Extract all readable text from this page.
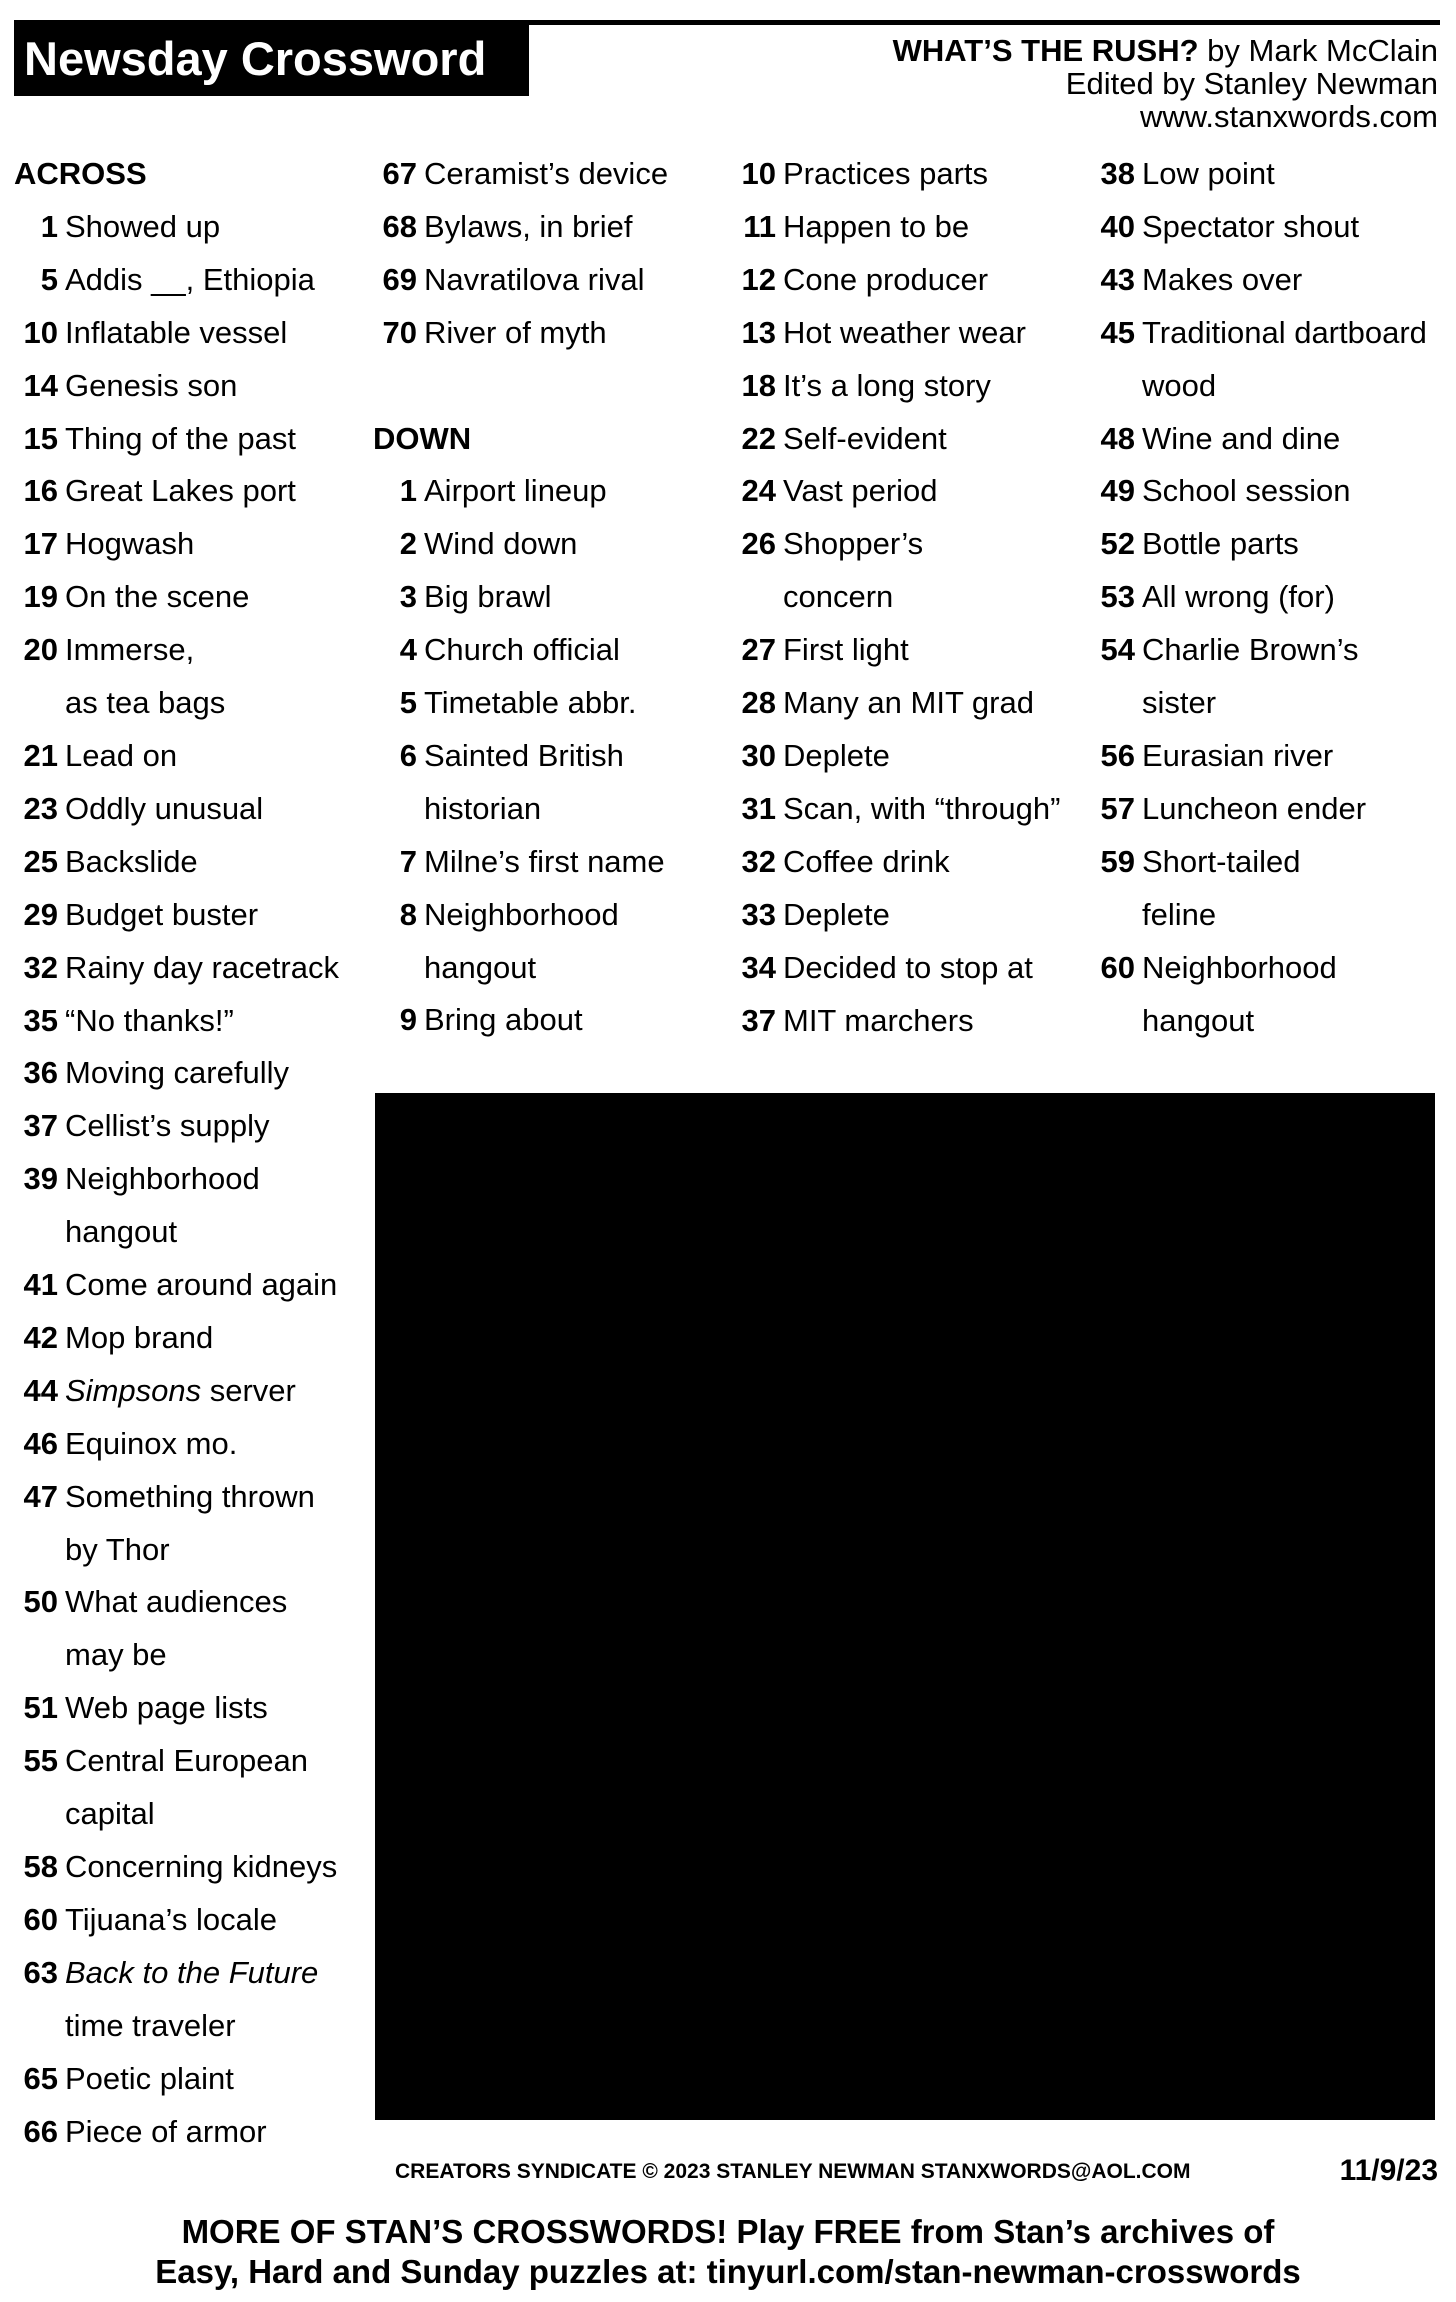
Newsday Crossword	WHAT’S THE RUSH? by Mark McClain
Edited by Stanley Newman
www.stanxwords.com
ACROSS
1 Showed up
5 Addis __, Ethiopia
10 Inflatable vessel
14 Genesis son
15 Thing of the past
16 Great Lakes port
17 Hogwash
19 On the scene
20 Immerse,
as tea bags
21 Lead on
23 Oddly unusual
25 Backslide
29 Budget buster
32 Rainy day racetrack
35 “No thanks!”
36 Moving carefully
37 Cellist’s supply
39 Neighborhood
hangout
41 Come around again
42 Mop brand
44 Simpsons server
46 Equinox mo.
47 Something thrown
by Thor
50 What audiences
may be
51 Web page lists
55 Central European
capital
58 Concerning kidneys
60 Tijuana’s locale
63 Back to the Future
time traveler
65 Poetic plaint
66 Piece of armor
67 Ceramist’s device
68 Bylaws, in brief
69 Navratilova rival
70 River of myth
DOWN
1 Airport lineup
2 Wind down
3 Big brawl
4 Church official
5 Timetable abbr.
6 Sainted British
historian
7 Milne’s first name
8 Neighborhood
hangout
9 Bring about
10 Practices parts
11 Happen to be
12 Cone producer
13 Hot weather wear
18 It’s a long story
22 Self-evident
24 Vast period
26 Shopper’s
concern
27 First light
28 Many an MIT grad
30 Deplete
31 Scan, with “through”
32 Coffee drink
33 Deplete
34 Decided to stop at
37 MIT marchers
38 Low point
40 Spectator shout
43 Makes over
45 Traditional dartboard
wood
48 Wine and dine
49 School session
52 Bottle parts
53 All wrong (for)
54 Charlie Brown’s
sister
56 Eurasian river
57 Luncheon ender
59 Short-tailed
feline
60 Neighborhood
hangout
CREATORS SYNDICATE © 2023 STANLEY NEWMAN STANXWORDS@AOL.COM	11/9/23
MORE OF STAN’S CROSSWORDS! Play FREE from Stan’s archives of
Easy, Hard and Sunday puzzles at: tinyurl.com/stan-newman-crosswords
